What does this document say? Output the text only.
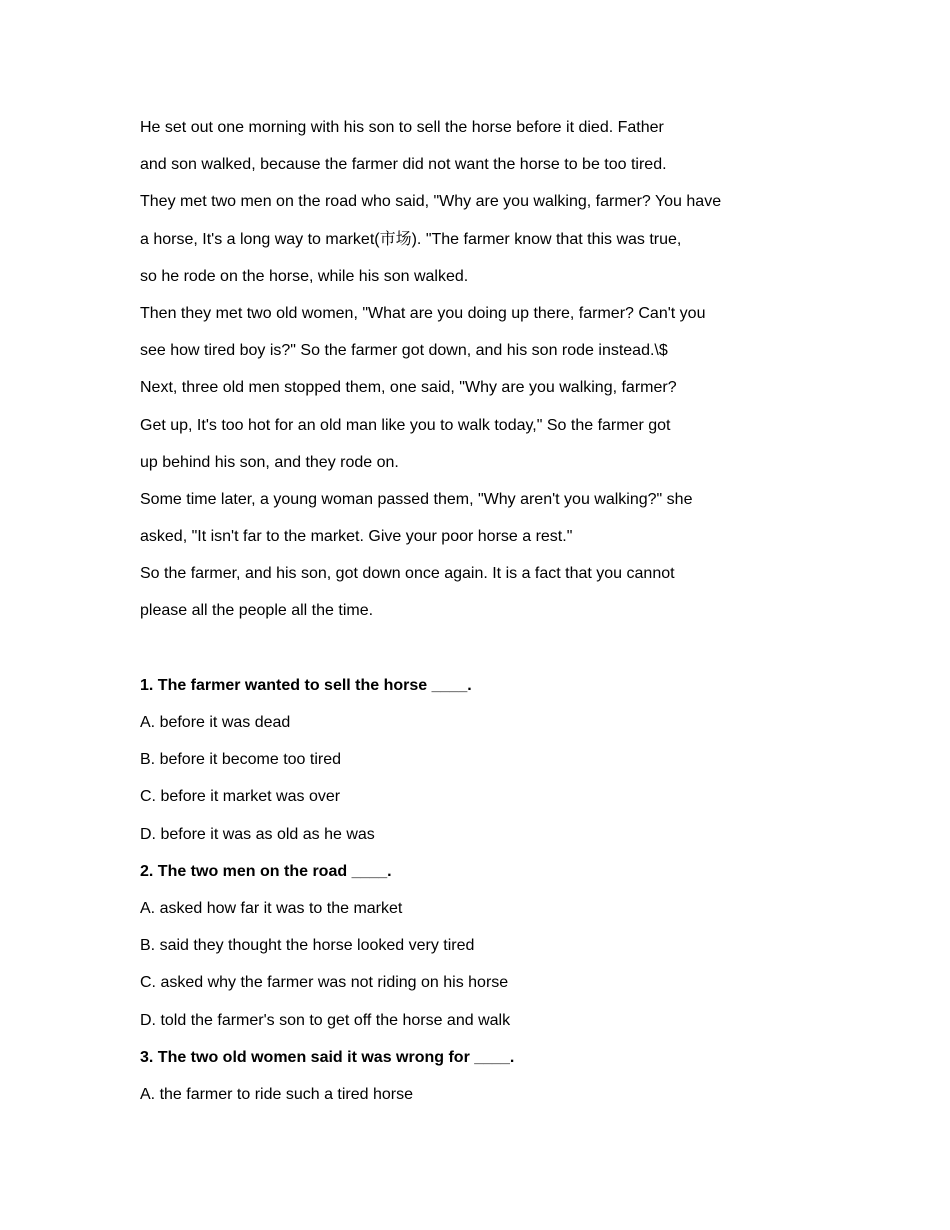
He set out one morning with his son to sell the horse before it died. Father
and son walked, because the farmer did not want the horse to be too tired.
They met two men on the road who said, "Why are you walking, farmer? You have
a horse, It's a long way to market(市场). "The farmer know that this was true,
so he rode on the horse, while his son walked.
Then they met two old women, "What are you doing up there, farmer? Can't you
see how tired boy is?" So the farmer got down, and his son rode instead.\$
Next, three old men stopped them, one said, "Why are you walking, farmer?
Get up, It's too hot for an old man like you to walk today," So the farmer got
up behind his son, and they rode on.
Some time later, a young woman passed them, "Why aren't you walking?" she
asked, "It isn't far to the market. Give your poor horse a rest."
So the farmer, and his son, got down once again. It is a fact that you cannot
please all the people all the time.
1. The farmer wanted to sell the horse ____.
A. before it was dead
B. before it become too tired
C. before it market was over
D. before it was as old as he was
2. The two men on the road ____.
A. asked how far it was to the market
B. said they thought the horse looked very tired
C. asked why the farmer was not riding on his horse
D. told the farmer's son to get off the horse and walk
3. The two old women said it was wrong for ____.
A. the farmer to ride such a tired horse
